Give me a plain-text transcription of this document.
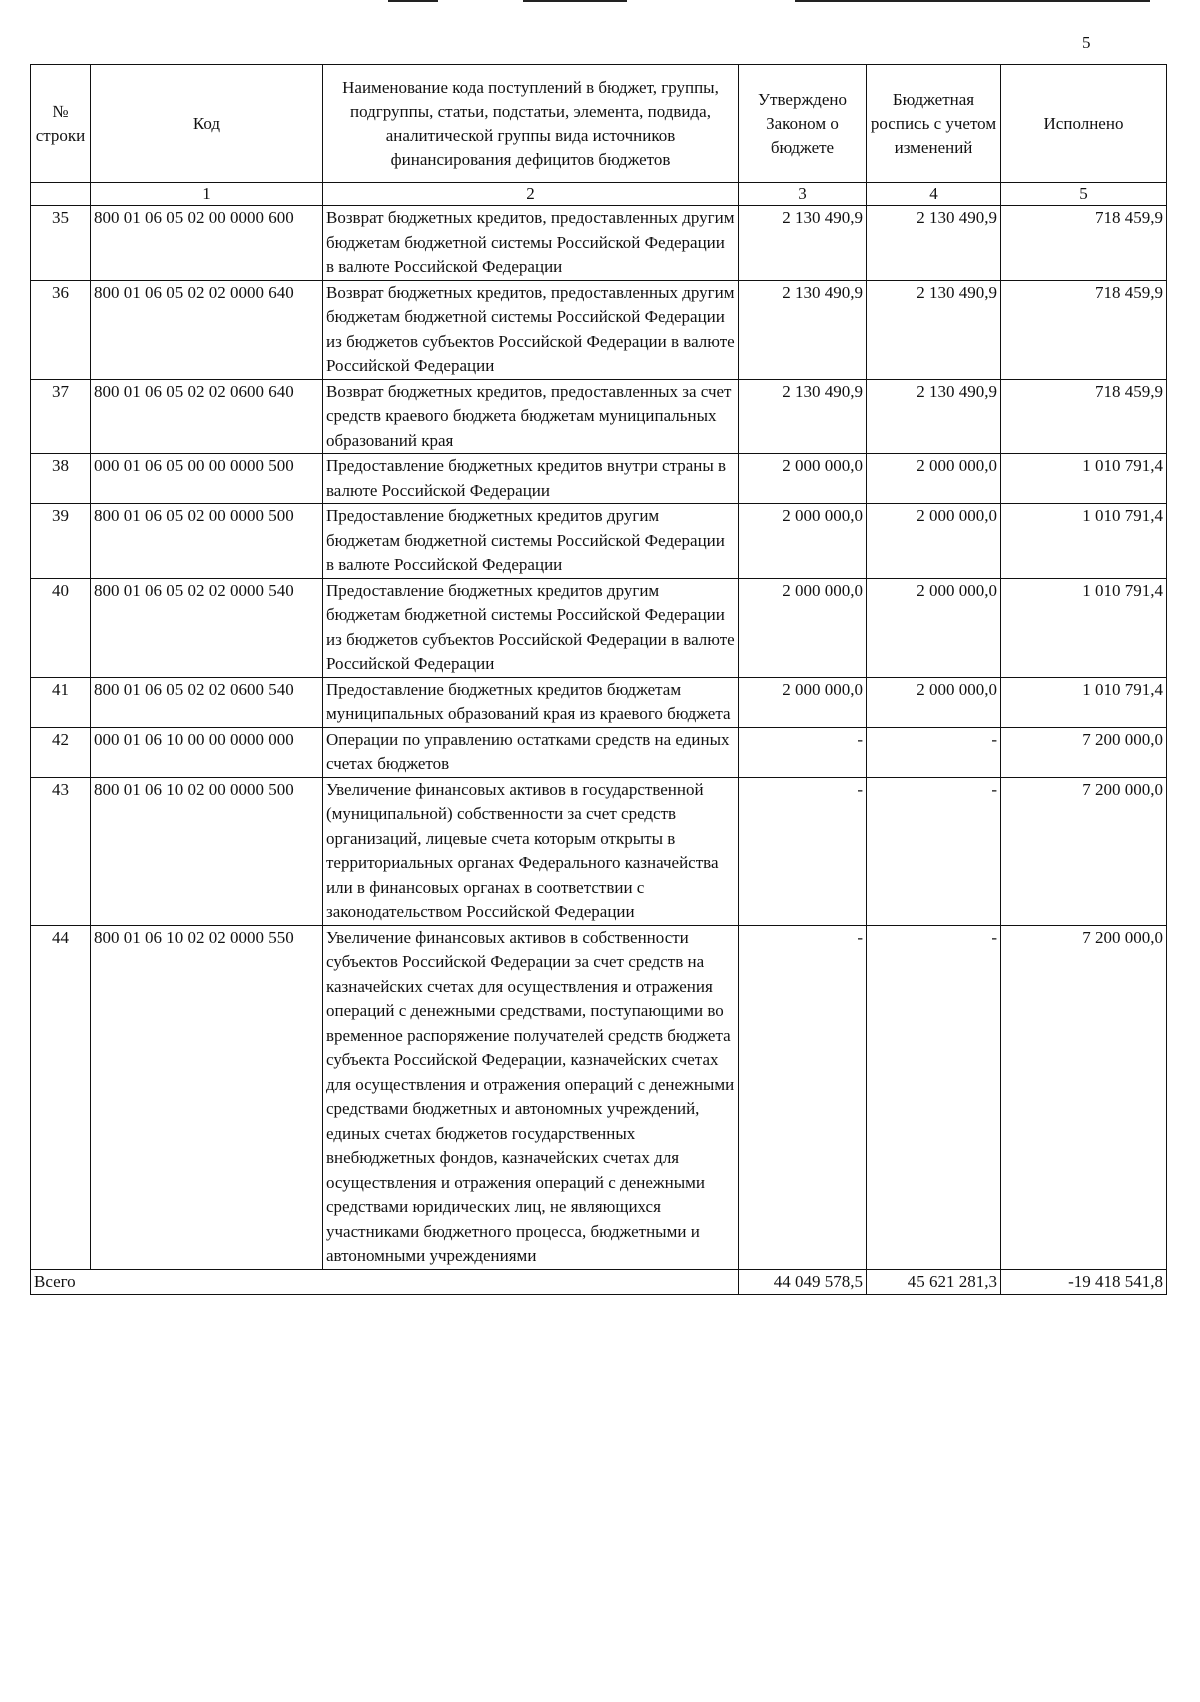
5
№ строки	Код	Наименование кода поступлений в бюджет, группы, подгруппы, статьи, подстатьи, элемента, подвида, аналитической группы вида источников финансирования дефицитов бюджетов	Утверждено Законом о бюджете	Бюджетная роспись с учетом изменений	Исполнено
	1	2	3	4	5
35	800 01 06 05 02 00 0000 600	Возврат бюджетных кредитов, предоставленных другим бюджетам бюджетной системы Российской Федерации в валюте Российской Федерации	2 130 490,9	2 130 490,9	718 459,9
36	800 01 06 05 02 02 0000 640	Возврат бюджетных кредитов, предоставленных другим бюджетам бюджетной системы Российской Федерации из бюджетов субъектов Российской Федерации в валюте Российской Федерации	2 130 490,9	2 130 490,9	718 459,9
37	800 01 06 05 02 02 0600 640	Возврат бюджетных кредитов, предоставленных за счет средств краевого бюджета бюджетам муниципальных образований края	2 130 490,9	2 130 490,9	718 459,9
38	000 01 06 05 00 00 0000 500	Предоставление бюджетных кредитов внутри страны в валюте Российской Федерации	2 000 000,0	2 000 000,0	1 010 791,4
39	800 01 06 05 02 00 0000 500	Предоставление бюджетных кредитов другим бюджетам бюджетной системы Российской Федерации в валюте Российской Федерации	2 000 000,0	2 000 000,0	1 010 791,4
40	800 01 06 05 02 02 0000 540	Предоставление бюджетных кредитов другим бюджетам бюджетной системы Российской Федерации из бюджетов субъектов Российской Федерации в валюте Российской Федерации	2 000 000,0	2 000 000,0	1 010 791,4
41	800 01 06 05 02 02 0600 540	Предоставление бюджетных кредитов бюджетам муниципальных образований края из краевого бюджета	2 000 000,0	2 000 000,0	1 010 791,4
42	000 01 06 10 00 00 0000 000	Операции по управлению остатками средств на единых счетах бюджетов	-	-	7 200 000,0
43	800 01 06 10 02 00 0000 500	Увеличение финансовых активов в государственной (муниципальной) собственности за счет средств организаций, лицевые счета которым открыты в территориальных органах Федерального казначейства или в финансовых органах в соответствии с законодательством Российской Федерации	-	-	7 200 000,0
44	800 01 06 10 02 02 0000 550	Увеличение финансовых активов в собственности субъектов Российской Федерации за счет средств на казначейских счетах для осуществления и отражения операций с денежными средствами, поступающими во временное распоряжение получателей средств бюджета субъекта Российской Федерации, казначейских счетах для осуществления и отражения операций с денежными средствами бюджетных и автономных учреждений, единых счетах бюджетов государственных внебюджетных фондов, казначейских счетах для осуществления и отражения операций с денежными средствами юридических лиц, не являющихся участниками бюджетного процесса, бюджетными и автономными учреждениями	-	-	7 200 000,0
Всего			44 049 578,5	45 621 281,3	-19 418 541,8
